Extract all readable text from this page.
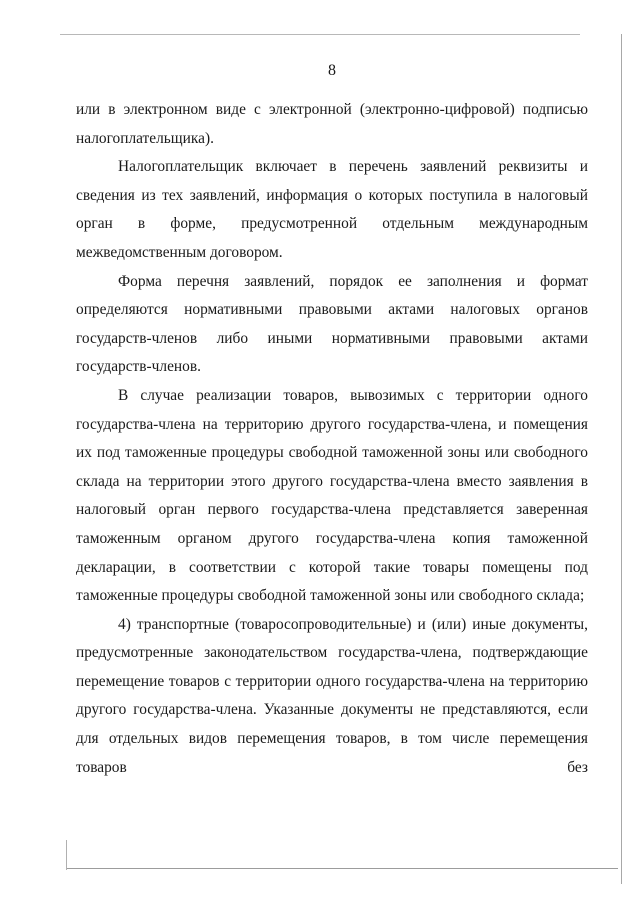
8

или в электронном виде с электронной (электронно-цифровой) подписью налогоплательщика).

Налогоплательщик включает в перечень заявлений реквизиты и сведения из тех заявлений, информация о которых поступила в налоговый орган в форме, предусмотренной отдельным международным межведомственным договором.

Форма перечня заявлений, порядок ее заполнения и формат определяются нормативными правовыми актами налоговых органов государств-членов либо иными нормативными правовыми актами государств-членов.

В случае реализации товаров, вывозимых с территории одного государства-члена на территорию другого государства-члена, и помещения их под таможенные процедуры свободной таможенной зоны или свободного склада на территории этого другого государства-члена вместо заявления в налоговый орган первого государства-члена представляется заверенная таможенным органом другого государства-члена копия таможенной декларации, в соответствии с которой такие товары помещены под таможенные процедуры свободной таможенной зоны или свободного склада;

4) транспортные (товаросопроводительные) и (или) иные документы, предусмотренные законодательством государства-члена, подтверждающие перемещение товаров с территории одного государства-члена на территорию другого государства-члена. Указанные документы не представляются, если для отдельных видов перемещения товаров, в том числе перемещения товаров без
